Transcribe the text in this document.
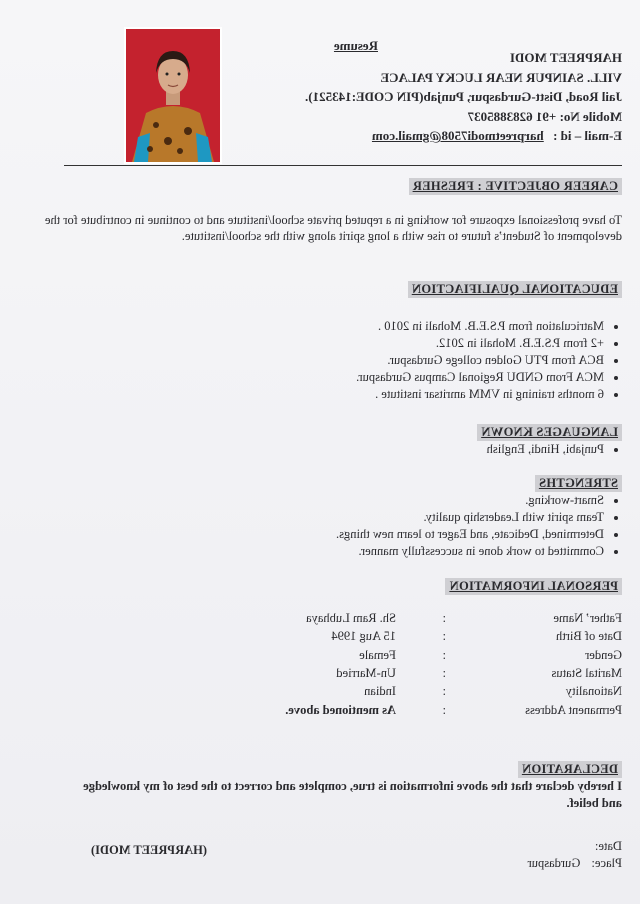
Resume
HARPREET MODI
VILL. SAINPUR NEAR LUCKY PALACE
Jail Road, Distt-Gurdaspur, Punjab(PIN CODE:143521).
Mobile No: +91 6283885037
E-mail – id : harpreetmodi7508@gmail.com
CAREER OBJECTIVE : FRESHER
To have professional exposure for working in a reputed private school/institute and to continue in contribute for the development of Student’s future to rise with a long spirit along with the school/institute.
EDUCATIONAL QUALIFIACTION
• Matriculation from P.S.E.B. Mohali in 2010 .
• +2 from P.S.E.B. Mohali in 2012.
• BCA from PTU Golden college Gurdaspur.
• MCA From GNDU Regional Campus Gurdaspur.
• 6 months training in VMM amritsar institute .
LANGUAGES KNOWN
• Punjabi, Hindi, English
STRENGTHS
• Smart-working.
• Team spirit with Leadership quality.
• Determined, Dedicate, and Eager to learn new things.
• Committed to work done in successfully manner.
PERSONAL INFORMATION
Father’ Name
:
Sh. Ram Lubhaya
Date of Birth
:
15 Aug 1994
Gender
:
Female
Marital Status
:
Un-Married
Nationality
:
Indian
Permanent Address
:
As mentioned above.
DECLARATION
I hereby declare that the above information is true, complete and correct to the best of my knowledge and belief.
Date:
Place: Gurdaspur
(HARPREET MODI)
